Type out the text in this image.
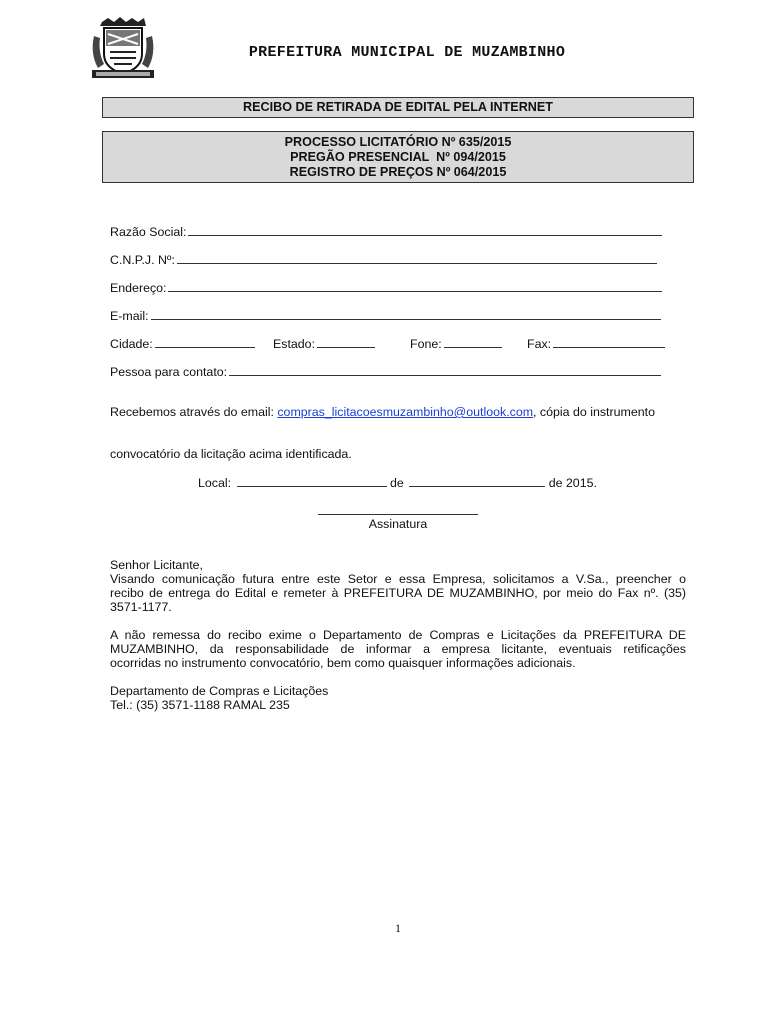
PREFEITURA MUNICIPAL DE MUZAMBINHO
RECIBO DE RETIRADA DE EDITAL PELA INTERNET
PROCESSO LICITATÓRIO Nº 635/2015
PREGÃO PRESENCIAL  Nº 094/2015
REGISTRO DE PREÇOS Nº 064/2015
Razão Social:
C.N.P.J. Nº:
Endereço:
E-mail:
Cidade:	Estado:	Fone:	Fax:
Pessoa para contato:
Recebemos através do email: compras_licitacoesmuzambinho@outlook.com, cópia do instrumento
convocatório da licitação acima identificada.
Local:	de	de 2015.
Assinatura
Senhor Licitante,
Visando comunicação futura entre este Setor e essa Empresa, solicitamos a V.Sa., preencher o
recibo de entrega do Edital e remeter à PREFEITURA DE MUZAMBINHO, por meio do Fax nº. (35)
3571-1177.
A não remessa do recibo exime o Departamento de Compras e Licitações da PREFEITURA DE
MUZAMBINHO, da responsabilidade de informar a empresa licitante, eventuais retificações
ocorridas no instrumento convocatório, bem como quaisquer informações adicionais.
Departamento de Compras e Licitações
Tel.: (35) 3571-1188 RAMAL 235
1
